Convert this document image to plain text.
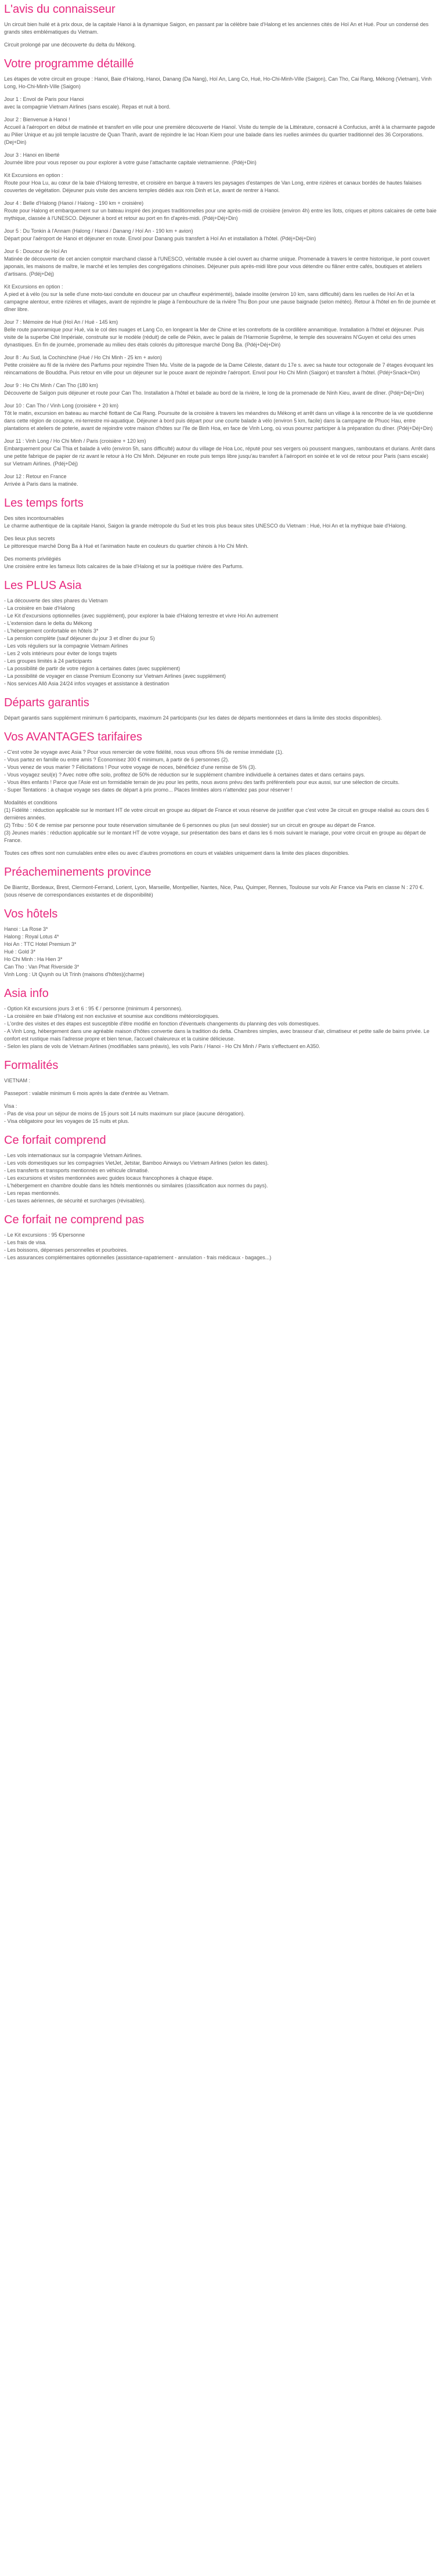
L'avis du connaisseur

Un circuit bien huilé et à prix doux, de la capitale Hanoi à la dynamique Saigon, en passant par la célèbre baie d'Halong et les anciennes cités de Hoï An et Hué. Pour un condensé des grands sites emblématiques du Vietnam.

Circuit prolongé par une découverte du delta du Mékong.

Votre programme détaillé

Les étapes de votre circuit en groupe : Hanoi, Baie d'Halong, Hanoi, Danang (Da Nang), Hoï An, Lang Co, Hué, Ho-Chi-Minh-Ville (Saigon), Can Tho, Cai Rang, Mékong (Vietnam), Vinh Long, Ho-Chi-Minh-Ville (Saigon)

Jour 1 : Envol de Paris pour Hanoi
avec la compagnie Vietnam Airlines (sans escale). Repas et nuit à bord.

Jour 2 : Bienvenue à Hanoi !
Accueil à l'aéroport en début de matinée et transfert en ville pour une première découverte de Hanoï. Visite du temple de la Littérature, consacré à Confucius, arrêt à la charmante pagode au Pilier Unique et au joli temple lacustre de Quan Thanh, avant de rejoindre le lac Hoan Kiem pour une balade dans les ruelles animées du quartier traditionnel des 36 Corporations. (Dej+Din)

Jour 3 : Hanoi en liberté
Journée libre pour vous reposer ou pour explorer à votre guise l'attachante capitale vietnamienne. (Pdéj+Din)

Kit Excursions en option :
Route pour Hoa Lu, au cœur de la baie d'Halong terrestre, et croisière en barque à travers les paysages d'estampes de Van Long, entre rizières et canaux bordés de hautes falaises couvertes de végétation. Déjeuner puis visite des anciens temples dédiés aux rois Dinh et Le, avant de rentrer à Hanoi.

Jour 4 : Belle d'Halong (Hanoi / Halong - 190 km + croisière)
Route pour Halong et embarquement sur un bateau inspiré des jonques traditionnelles pour une après-midi de croisière (environ 4h) entre les îlots, criques et pitons calcaires de cette baie mythique, classée à l'UNESCO. Déjeuner à bord et retour au port en fin d'après-midi. (Pdéj+Déj+Din)

Jour 5 : Du Tonkin à l'Annam (Halong / Hanoi / Danang / Hoï An - 190 km + avion)
Départ pour l'aéroport de Hanoi et déjeuner en route. Envol pour Danang puis transfert à Hoï An et installation à l'hôtel. (Pdéj+Déj+Din)

Jour 6 : Douceur de Hoï An
Matinée de découverte de cet ancien comptoir marchand classé à l'UNESCO, véritable musée à ciel ouvert au charme unique. Promenade à travers le centre historique, le pont couvert japonais, les maisons de maître, le marché et les temples des congrégations chinoises. Déjeuner puis après-midi libre pour vous détendre ou flâner entre cafés, boutiques et ateliers d'artisans. (Pdéj+Déj)

Kit Excursions en option :
A pied et à vélo (ou sur la selle d'une moto-taxi conduite en douceur par un chauffeur expérimenté), balade insolite (environ 10 km, sans difficulté) dans les ruelles de Hoï An et la campagne alentour, entre rizières et villages, avant de rejoindre le plage à l'embouchure de la rivière Thu Bon pour une pause baignade (selon météo). Retour à l'hôtel en fin de journée et dîner libre.

Jour 7 : Mémoire de Hué (Hoï An / Hué - 145 km)
Belle route panoramique pour Hué, via le col des nuages et Lang Co, en longeant la Mer de Chine et les contreforts de la cordillère annamitique. Installation à l'hôtel et déjeuner. Puis visite de la superbe Cité Impériale, construite sur le modèle (réduit) de celle de Pékin, avec le palais de l'Harmonie Suprême, le temple des souverains N'Guyen et celui des urnes dynastiques. En fin de journée, promenade au milieu des étals colorés du pittoresque marché Dong Ba. (Pdéj+Déj+Din)

Jour 8 : Au Sud, la Cochinchine (Hué / Ho Chi Minh - 25 km + avion)
Petite croisière au fil de la rivière des Parfums pour rejoindre Thien Mu. Visite de la pagode de la Dame Céleste, datant du 17e s. avec sa haute tour octogonale de 7 étages évoquant les réincarnations de Bouddha. Puis retour en ville pour un déjeuner sur le pouce avant de rejoindre l'aéroport. Envol pour Ho Chi Minh (Saigon) et transfert à l'hôtel. (Pdéj+Snack+Din)

Jour 9 : Ho Chi Minh / Can Tho (180 km)
Découverte de Saïgon puis déjeuner et route pour Can Tho. Installation à l'hôtel et balade au bord de la rivière, le long de la promenade de Ninh Kieu, avant de dîner. (Pdéj+Déj+Din)

Jour 10 : Can Tho / Vinh Long (croisière + 20 km)
Tôt le matin, excursion en bateau au marché flottant de Cai Rang. Poursuite de la croisière à travers les méandres du Mékong et arrêt dans un village à la rencontre de la vie quotidienne dans cette région de cocagne, mi-terrestre mi-aquatique. Déjeuner à bord puis départ pour une courte balade à vélo (environ 5 km, facile) dans la campagne de Phuoc Hau, entre plantations et ateliers de poterie, avant de rejoindre votre maison d'hôtes sur l'île de Binh Hoa, en face de Vinh Long, où vous pourrez participer à la préparation du dîner. (Pdéj+Déj+Din)

Jour 11 : Vinh Long / Ho Chi Minh / Paris (croisière + 120 km)
Embarquement pour Cai Thia et balade à vélo (environ 5h, sans difficulté) autour du village de Hoa Loc, réputé pour ses vergers où poussent mangues, ramboutans et durians. Arrêt dans une petite fabrique de papier de riz avant le retour à Ho Chi Minh. Déjeuner en route puis temps libre jusqu'au transfert à l'aéroport en soirée et le vol de retour pour Paris (sans escale) sur Vietnam Airlines. (Pdéj+Déj)

Jour 12 : Retour en France
Arrivée à Paris dans la matinée.

Les temps forts

Des sites incontournables
Le charme authentique de la capitale Hanoi, Saigon la grande métropole du Sud et les trois plus beaux sites UNESCO du Vietnam : Hué, Hoi An et la mythique baie d'Halong.

Des lieux plus secrets
Le pittoresque marché Dong Ba à Hué et l'animation haute en couleurs du quartier chinois à Ho Chi Minh.

Des moments privilégiés
Une croisière entre les fameux îlots calcaires de la baie d'Halong et sur la poétique rivière des Parfums.

Les PLUS Asia

- La découverte des sites phares du Vietnam
- La croisière en baie d'Halong
- Le Kit d'excursions optionnelles (avec supplément), pour explorer la baie d'Halong terrestre et vivre Hoi An autrement
- L'extension dans le delta du Mékong
- L'hébergement confortable en hôtels 3*
- La pension complète (sauf déjeuner du jour 3 et dîner du jour 5)
- Les vols réguliers sur la compagnie Vietnam Airlines
- Les 2 vols intérieurs pour éviter de longs trajets
- Les groupes limités à 24 participants
- La possibilité de partir de votre région à certaines dates (avec supplément)
- La possibilité de voyager en classe Premium Economy sur Vietnam Airlines (avec supplément)
- Nos services Allô Asia 24/24 infos voyages et assistance à destination

Départs garantis

Départ garantis sans supplément minimum 6 participants, maximum 24 participants (sur les dates de départs mentionnées et dans la limite des stocks disponibles).

Vos AVANTAGES tarifaires

- C'est votre 3e voyage avec Asia ? Pour vous remercier de votre fidélité, nous vous offrons 5% de remise immédiate (1).
- Vous partez en famille ou entre amis ? Économisez 300 € minimum, à partir de 6 personnes (2).
- Vous venez de vous marier ? Félicitations ! Pour votre voyage de noces, bénéficiez d'une remise de 5% (3).
- Vous voyagez seul(e) ? Avec notre offre solo, profitez de 50% de réduction sur le supplément chambre individuelle à certaines dates et dans certains pays.
- Vous êtes enfants ! Parce que l'Asie est un formidable terrain de jeu pour les petits, nous avons prévu des tarifs préférentiels pour eux aussi, sur une sélection de circuits.
- Super Tentations : à chaque voyage ses dates de départ à prix promo... Places limitées alors n'attendez pas pour réserver !

Modalités et conditions
(1) Fidélité : réduction applicable sur le montant HT de votre circuit en groupe au départ de France et vous réserve de justifier que c'est votre 3e circuit en groupe réalisé au cours des 6 dernières années.
(2) Tribu : 50 € de remise par personne pour toute réservation simultanée de 6 personnes ou plus (un seul dossier) sur un circuit en groupe au départ de France.
(3) Jeunes mariés : réduction applicable sur le montant HT de votre voyage, sur présentation des bans et dans les 6 mois suivant le mariage, pour votre circuit en groupe au départ de France.

Toutes ces offres sont non cumulables entre elles ou avec d'autres promotions en cours et valables uniquement dans la limite des places disponibles.

Préacheminements province

De Biarritz, Bordeaux, Brest, Clermont-Ferrand, Lorient, Lyon, Marseille, Montpellier, Nantes, Nice, Pau, Quimper, Rennes, Toulouse sur vols Air France via Paris en classe N : 270 €.
(sous réserve de correspondances existantes et de disponibilité)

Vos hôtels

Hanoi : La Rose 3*
Halong : Royal Lotus 4*
Hoi An : TTC Hotel Premium 3*
Hué : Gold 3*
Ho Chi Minh : Ha Hien 3*
Can Tho : Van Phat Riverside 3*
Vinh Long : Ut Quynh ou Ut Trinh (maisons d'hôtes)(charme)

Asia info

- Option Kit excursions jours 3 et 6 : 95 € / personne (minimum 4 personnes).
- La croisière en baie d'Halong est non exclusive et soumise aux conditions météorologiques.
- L'ordre des visites et des étapes est susceptible d'être modifié en fonction d'éventuels changements du planning des vols domestiques.
- A Vinh Long, hébergement dans une agréable maison d'hôtes convertie dans la tradition du delta. Chambres simples, avec brasseur d'air, climatiseur et petite salle de bains privée. Le confort est rustique mais l'adresse propre et bien tenue, l'accueil chaleureux et la cuisine délicieuse.
- Selon les plans de vols de Vietnam Airlines (modifiables sans préavis), les vols Paris / Hanoi - Ho Chi Minh / Paris s'effectuent en A350.

Formalités

VIETNAM :

Passeport : valable minimum 6 mois après la date d'entrée au Vietnam.

Visa :
- Pas de visa pour un séjour de moins de 15 jours soit 14 nuits maximum sur place (aucune dérogation).
- Visa obligatoire pour les voyages de 15 nuits et plus.

Ce forfait comprend

- Les vols internationaux sur la compagnie Vietnam Airlines.
- Les vols domestiques sur les compagnies VietJet, Jetstar, Bamboo Airways ou Vietnam Airlines (selon les dates).
- Les transferts et transports mentionnés en véhicule climatisé.
- Les excursions et visites mentionnées avec guides locaux francophones à chaque étape.
- L'hébergement en chambre double dans les hôtels mentionnés ou similaires (classification aux normes du pays).
- Les repas mentionnés.
- Les taxes aériennes, de sécurité et surcharges (révisables).

Ce forfait ne comprend pas

- Le Kit excursions : 95 €/personne
- Les frais de visa.
- Les boissons, dépenses personnelles et pourboires.
- Les assurances complémentaires optionnelles (assistance-rapatriement - annulation - frais médicaux - bagages...)
